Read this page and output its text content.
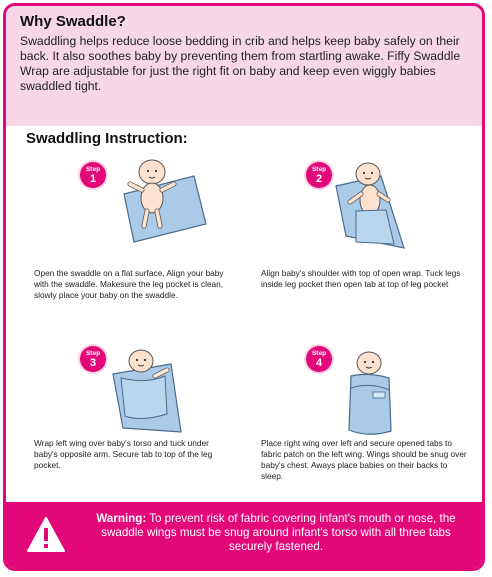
Why Swaddle?

Swaddling helps reduce loose bedding in crib and helps keep baby safely on their back. It also soothes baby by preventing them from startling awake. Fiffy Swaddle Wrap are adjustable for just the right fit on baby and keep even wiggly babies swaddled tight.

Swaddling Instruction:
Step
1

Open the swaddle on a flat surface, Align your baby with the swaddle. Makesure the leg pocket is clean, slowly place your baby on the swaddle.

Step
2

Align baby's shoulder with top of open wrap. Tuck legs inside leg pocket then open tab at top of leg pocket

Step
3

Wrap left wing over baby's torso and tuck under baby's opposite arm. Secure tab to top of the leg pocket.

Step
4

Place right wing over left and secure opened tabs to fabric patch on the left wing. Wings should be snug over baby's chest. Aways place babies on their backs to sleep.

Warning: To prevent risk of fabric covering infant's mouth or nose, the swaddle wings must be snug around infant's torso with all three tabs securely fastened.
